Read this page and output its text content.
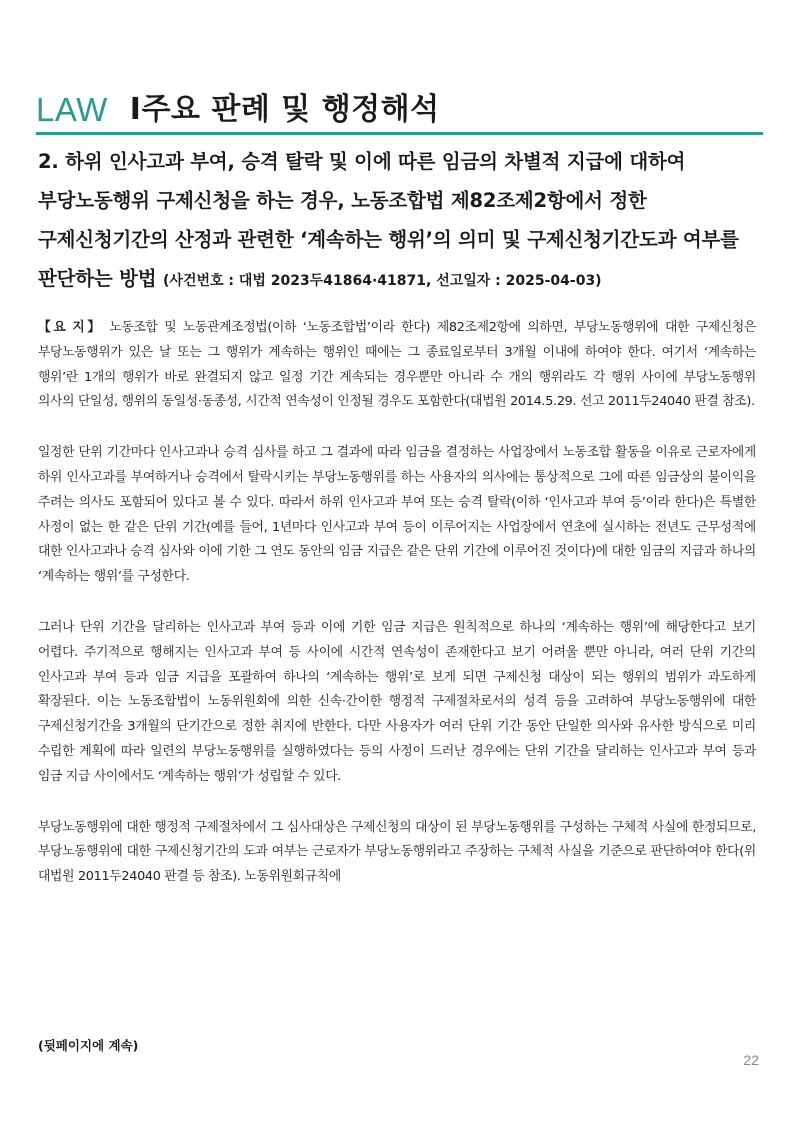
LAW Ⅰ주요 판례 및 행정해석
2. 하위 인사고과 부여, 승격 탈락 및 이에 따른 임금의 차별적 지급에 대하여 부당노동행위 구제신청을 하는 경우, 노동조합법 제82조제2항에서 정한 구제신청기간의 산정과 관련한 ‘계속하는 행위’의 의미 및 구제신청기간도과 여부를 판단하는 방법 (사건번호 : 대법 2023두41864·41871, 선고일자 : 2025-04-03)

【요 지】 노동조합 및 노동관계조정법(이하 ‘노동조합법’이라 한다) 제82조제2항에 의하면, 부당노동행위에 대한 구제신청은 부당노동행위가 있은 날 또는 그 행위가 계속하는 행위인 때에는 그 종료일로부터 3개월 이내에 하여야 한다. 여기서 ‘계속하는 행위’란 1개의 행위가 바로 완결되지 않고 일정 기간 계속되는 경우뿐만 아니라 수 개의 행위라도 각 행위 사이에 부당노동행위 의사의 단일성, 행위의 동일성·동종성, 시간적 연속성이 인정될 경우도 포함한다(대법원 2014.5.29. 선고 2011두24040 판결 참조).

일정한 단위 기간마다 인사고과나 승격 심사를 하고 그 결과에 따라 임금을 결정하는 사업장에서 노동조합 활동을 이유로 근로자에게 하위 인사고과를 부여하거나 승격에서 탈락시키는 부당노동행위를 하는 사용자의 의사에는 통상적으로 그에 따른 임금상의 불이익을 주려는 의사도 포함되어 있다고 볼 수 있다. 따라서 하위 인사고과 부여 또는 승격 탈락(이하 ‘인사고과 부여 등’이라 한다)은 특별한 사정이 없는 한 같은 단위 기간(예를 들어, 1년마다 인사고과 부여 등이 이루어지는 사업장에서 연초에 실시하는 전년도 근무성적에 대한 인사고과나 승격 심사와 이에 기한 그 연도 동안의 임금 지급은 같은 단위 기간에 이루어진 것이다)에 대한 임금의 지급과 하나의 ‘계속하는 행위’를 구성한다.

그러나 단위 기간을 달리하는 인사고과 부여 등과 이에 기한 임금 지급은 원칙적으로 하나의 ‘계속하는 행위’에 해당한다고 보기 어렵다. 주기적으로 행해지는 인사고과 부여 등 사이에 시간적 연속성이 존재한다고 보기 어려울 뿐만 아니라, 여러 단위 기간의 인사고과 부여 등과 임금 지급을 포괄하여 하나의 ‘계속하는 행위’로 보게 되면 구제신청 대상이 되는 행위의 범위가 과도하게 확장된다. 이는 노동조합법이 노동위원회에 의한 신속·간이한 행정적 구제절차로서의 성격 등을 고려하여 부당노동행위에 대한 구제신청기간을 3개월의 단기간으로 정한 취지에 반한다. 다만 사용자가 여러 단위 기간 동안 단일한 의사와 유사한 방식으로 미리 수립한 계획에 따라 일련의 부당노동행위를 실행하였다는 등의 사정이 드러난 경우에는 단위 기간을 달리하는 인사고과 부여 등과 임금 지급 사이에서도 ‘계속하는 행위’가 성립할 수 있다.

부당노동행위에 대한 행정적 구제절차에서 그 심사대상은 구제신청의 대상이 된 부당노동행위를 구성하는 구체적 사실에 한정되므로, 부당노동행위에 대한 구제신청기간의 도과 여부는 근로자가 부당노동행위라고 주장하는 구체적 사실을 기준으로 판단하여야 한다(위 대법원 2011두24040 판결 등 참조). 노동위원회규칙에

(뒷페이지에 계속)
22
